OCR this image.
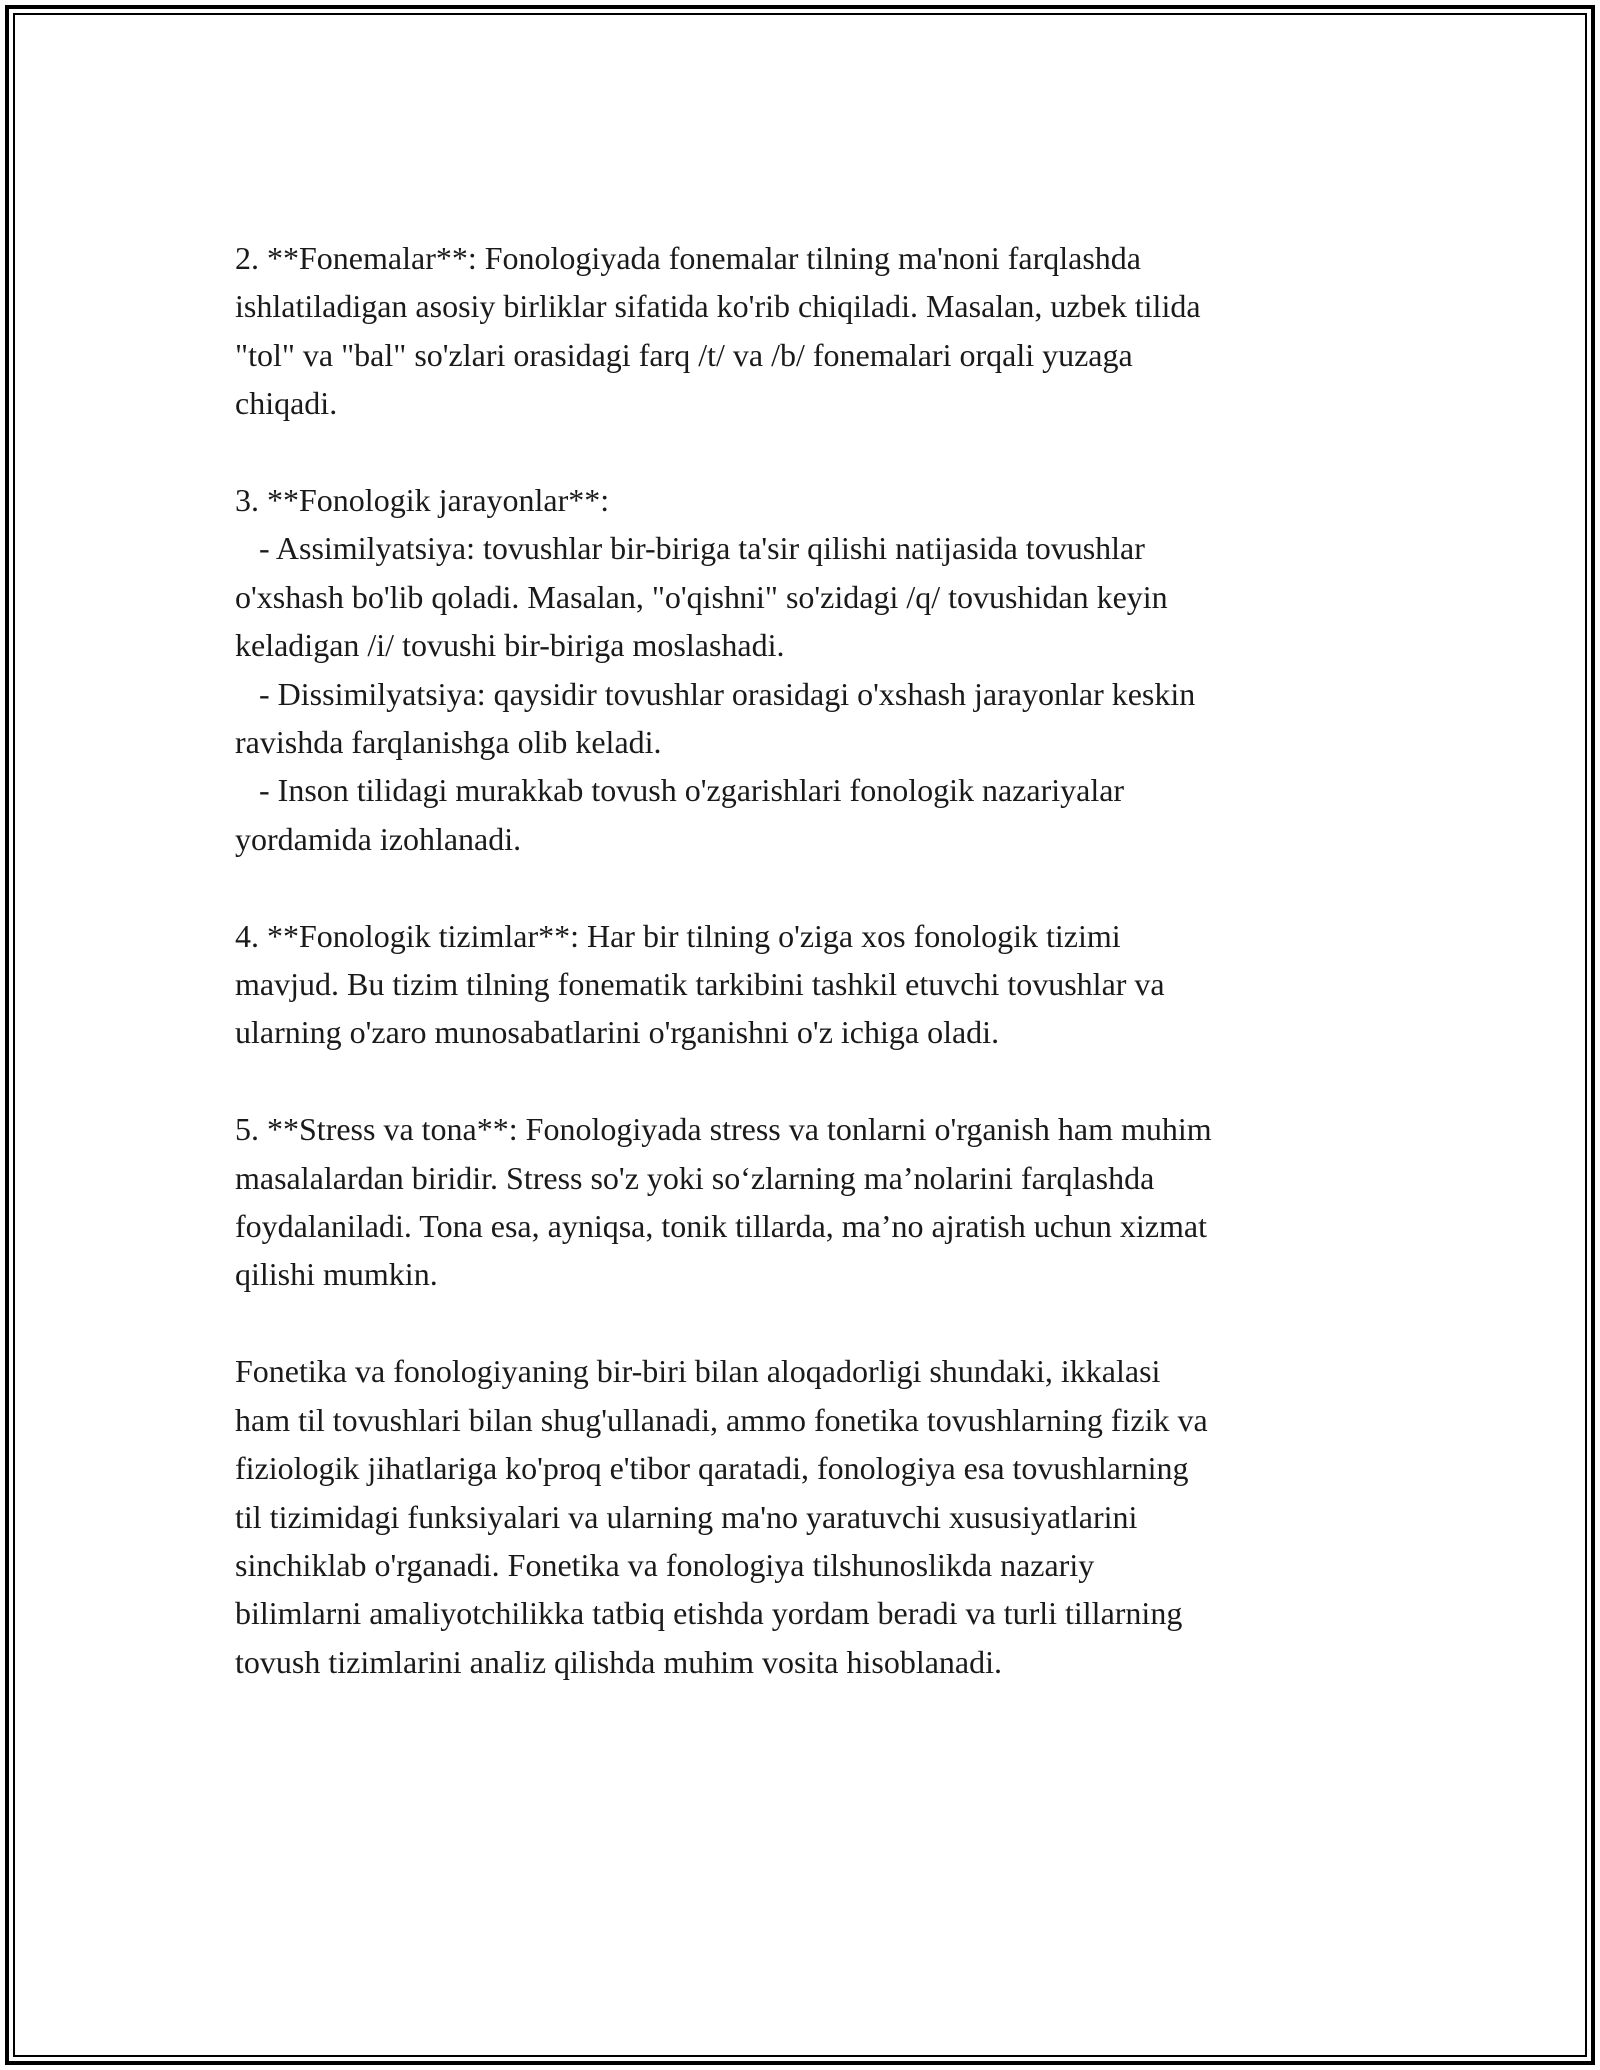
2. **Fonemalar**: Fonologiyada fonemalar tilning ma'noni farqlashda
ishlatiladigan asosiy birliklar sifatida ko'rib chiqiladi. Masalan, uzbek tilida
"tol" va "bal" so'zlari orasidagi farq /t/ va /b/ fonemalari orqali yuzaga
chiqadi.
3. **Fonologik jarayonlar**:
- Assimilyatsiya: tovushlar bir-biriga ta'sir qilishi natijasida tovushlar
o'xshash bo'lib qoladi. Masalan, "o'qishni" so'zidagi /q/ tovushidan keyin
keladigan /i/ tovushi bir-biriga moslashadi.
- Dissimilyatsiya: qaysidir tovushlar orasidagi o'xshash jarayonlar keskin
ravishda farqlanishga olib keladi.
- Inson tilidagi murakkab tovush o'zgarishlari fonologik nazariyalar
yordamida izohlanadi.
4. **Fonologik tizimlar**: Har bir tilning o'ziga xos fonologik tizimi
mavjud. Bu tizim tilning fonematik tarkibini tashkil etuvchi tovushlar va
ularning o'zaro munosabatlarini o'rganishni o'z ichiga oladi.
5. **Stress va tona**: Fonologiyada stress va tonlarni o'rganish ham muhim
masalalardan biridir. Stress so'z yoki so‘zlarning ma’nolarini farqlashda
foydalaniladi. Tona esa, ayniqsa, tonik tillarda, ma’no ajratish uchun xizmat
qilishi mumkin.
Fonetika va fonologiyaning bir-biri bilan aloqadorligi shundaki, ikkalasi
ham til tovushlari bilan shug'ullanadi, ammo fonetika tovushlarning fizik va
fiziologik jihatlariga ko'proq e'tibor qaratadi, fonologiya esa tovushlarning
til tizimidagi funksiyalari va ularning ma'no yaratuvchi xususiyatlarini
sinchiklab o'rganadi. Fonetika va fonologiya tilshunoslikda nazariy
bilimlarni amaliyotchilikka tatbiq etishda yordam beradi va turli tillarning
tovush tizimlarini analiz qilishda muhim vosita hisoblanadi.
